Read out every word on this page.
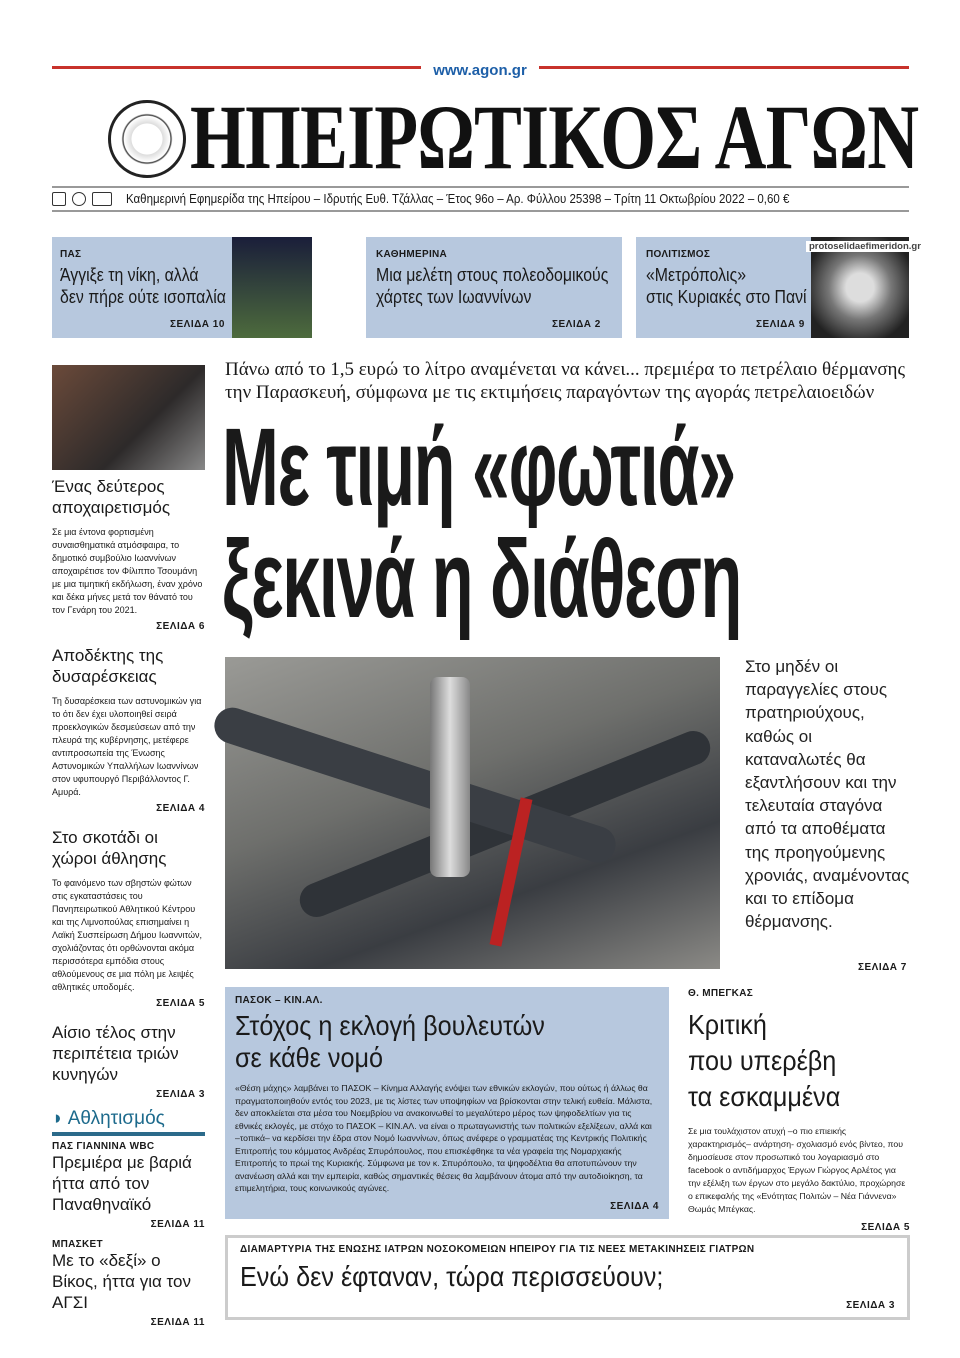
www.agon.gr
ΗΠΕΙΡΩΤΙΚΟΣ ΑΓΩΝ
Καθημερινή Εφημερίδα της Ηπείρου – Ιδρυτής Ευθ. Τζάλλας – Έτος 96ο – Αρ. Φύλλου 25398 – Τρίτη 11 Οκτωβρίου 2022 – 0,60 €
ΠΑΣ
Άγγιξε τη νίκη, αλλά
δεν πήρε ούτε ισοπαλία
ΣΕΛΙΔΑ 10
ΚΑΘΗΜΕΡΙΝΑ
Μια μελέτη στους πολεοδομικούς
χάρτες των Ιωαννίνων
ΣΕΛΙΔΑ 2
protoselidaefimeridon.gr
ΠΟΛΙΤΙΣΜΟΣ
«Μετρόπολις»
στις Κυριακές στο Πανί
ΣΕΛΙΔΑ 9
Ένας δεύτερος αποχαιρετισμός

Σε μια έντονα φορτισμένη συναισθηματικά ατμόσφαιρα, το δημοτικό συμβούλιο Ιωαννίνων αποχαιρέτισε τον Φίλιππο Τσουμάνη με μια τιμητική εκδήλωση, έναν χρόνο και δέκα μήνες μετά τον θάνατό του τον Γενάρη του 2021.

ΣΕΛΙΔΑ 6
Αποδέκτης της δυσαρέσκειας

Τη δυσαρέσκεια των αστυνομικών για το ότι δεν έχει υλοποιηθεί σειρά προεκλογικών δεσμεύσεων από την πλευρά της κυβέρνησης, μετέφερε αντιπροσωπεία της Ένωσης Αστυνομικών Υπαλλήλων Ιωαννίνων στον υφυπουργό Περιβάλλοντος Γ. Αμυρά.

ΣΕΛΙΔΑ 4
Στο σκοτάδι οι χώροι άθλησης

Το φαινόμενο των σβηστών φώτων στις εγκαταστάσεις του Πανηπειρωτικού Αθλητικού Κέντρου και της Λιμνοπούλας επισημαίνει η Λαϊκή Συσπείρωση Δήμου Ιωαννιτών, σχολιάζοντας ότι ορθώνονται ακόμα περισσότερα εμπόδια στους αθλούμενους σε μια πόλη με λειψές αθλητικές υποδομές.

ΣΕΛΙΔΑ 5
Αίσιο τέλος στην περιπέτεια τριών κυνηγών
ΣΕΛΙΔΑ 3
◗ Αθλητισμός
ΠΑΣ ΓΙΑΝΝΙΝΑ WBC
Πρεμιέρα με βαριά ήττα από τον Παναθηναϊκό
ΣΕΛΙΔΑ 11
ΜΠΑΣΚΕΤ
Με το «δεξί» ο Βίκος, ήττα για τον ΑΓΣΙ
ΣΕΛΙΔΑ 11
Πάνω από το 1,5 ευρώ το λίτρο αναμένεται να κάνει... πρεμιέρα το πετρέλαιο θέρμανσης την Παρασκευή, σύμφωνα με τις εκτιμήσεις παραγόντων της αγοράς πετρελαιοειδών
Με τιμή «φωτιά»
ξεκινά η διάθεση
Στο μηδέν οι παραγγελίες στους πρατηριούχους, καθώς οι καταναλωτές θα εξαντλήσουν και την τελευταία σταγόνα από τα αποθέματα της προηγούμενης χρονιάς, αναμένοντας και το επίδομα θέρμανσης.
ΣΕΛΙΔΑ 7
ΠΑΣΟΚ – ΚΙΝ.ΑΛ.
Στόχος η εκλογή βουλευτών
σε κάθε νομό

«Θέση μάχης» λαμβάνει το ΠΑΣΟΚ – Κίνημα Αλλαγής ενόψει των εθνικών εκλογών, που ούτως ή άλλως θα πραγματοποιηθούν εντός του 2023, με τις λίστες των υποψηφίων να βρίσκονται στην τελική ευθεία. Μάλιστα, δεν αποκλείεται στα μέσα του Νοεμβρίου να ανακοινωθεί το μεγαλύτερο μέρος των ψηφοδελτίων για τις εθνικές εκλογές, με στόχο το ΠΑΣΟΚ – ΚΙΝ.ΑΛ. να είναι ο πρωταγωνιστής των πολιτικών εξελίξεων, αλλά και –τοπικά– να κερδίσει την έδρα στον Νομό Ιωαννίνων, όπως ανέφερε ο γραμματέας της Κεντρικής Πολιτικής Επιτροπής του κόμματος Ανδρέας Σπυρόπουλος, που επισκέφθηκε τα νέα γραφεία της Νομαρχιακής Επιτροπής το πρωί της Κυριακής. Σύμφωνα με τον κ. Σπυρόπουλο, τα ψηφοδέλτια θα αποτυπώνουν την ανανέωση αλλά και την εμπειρία, καθώς σημαντικές θέσεις θα λαμβάνουν άτομα από την αυτοδιοίκηση, τα επιμελητήρια, τους κοινωνικούς αγώνες.

ΣΕΛΙΔΑ 4
Θ. ΜΠΕΓΚΑΣ
Κριτική
που υπερέβη
τα εσκαμμένα

Σε μια τουλάχιστον ατυχή –ο πιο επιεικής χαρακτηρισμός– ανάρτηση- σχολιασμό ενός βίντεο, που δημοσίευσε στον προσωπικό του λογαριασμό στο facebook ο αντιδήμαρχος Έργων Γιώργος Αρλέτος για την εξέλιξη των έργων στο μεγάλο δακτύλιο, προχώρησε ο επικεφαλής της «Ενότητας Πολιτών – Νέα Γιάννενα» Θωμάς Μπέγκας.

ΣΕΛΙΔΑ 5
ΔΙΑΜΑΡΤΥΡΙΑ ΤΗΣ ΕΝΩΣΗΣ ΙΑΤΡΩΝ ΝΟΣΟΚΟΜΕΙΩΝ ΗΠΕΙΡΟΥ ΓΙΑ ΤΙΣ ΝΕΕΣ ΜΕΤΑΚΙΝΗΣΕΙΣ ΓΙΑΤΡΩΝ
Ενώ δεν έφταναν, τώρα περισσεύουν;
ΣΕΛΙΔΑ 3
